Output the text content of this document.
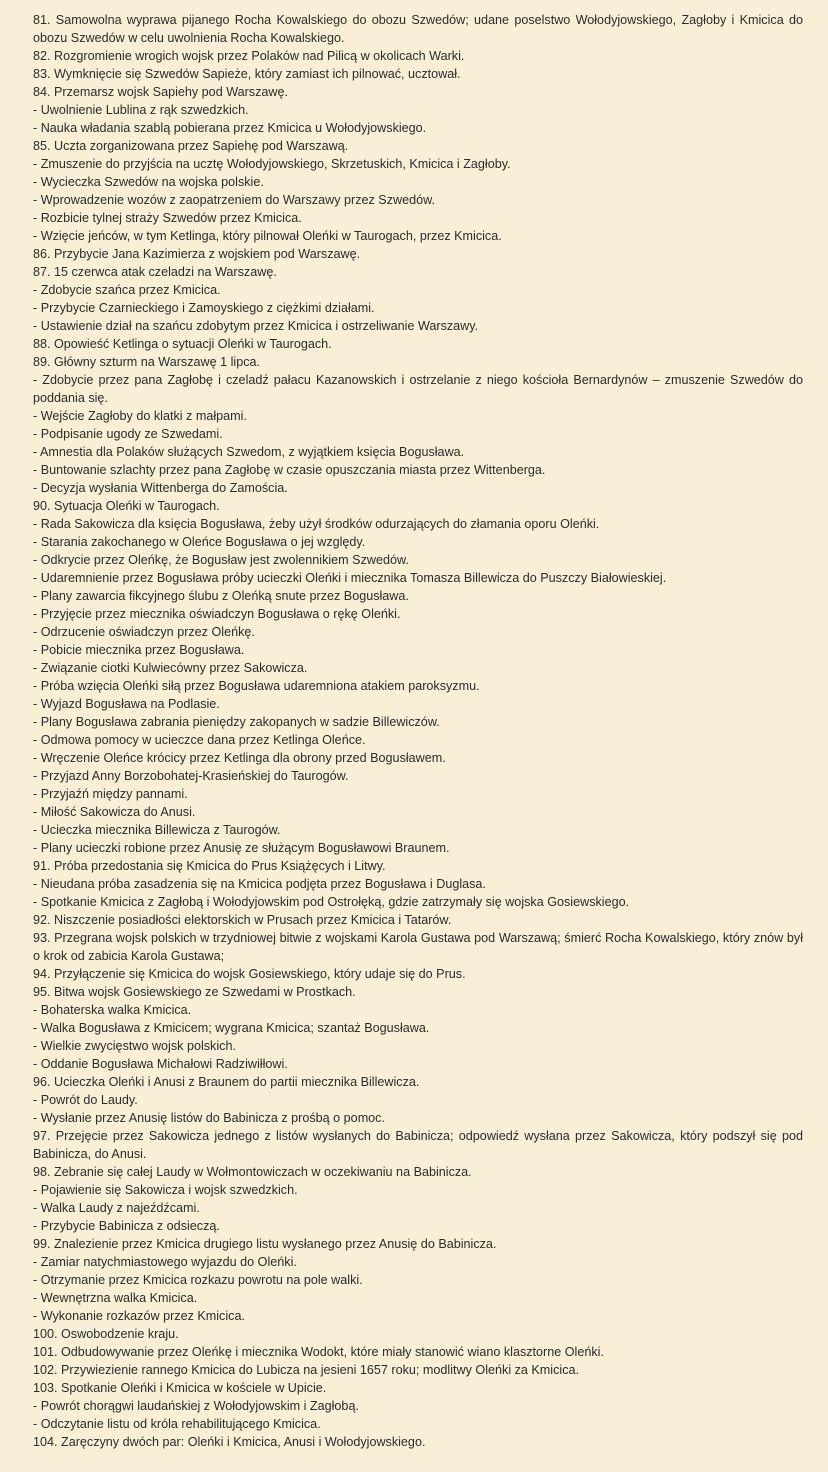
81. Samowolna wyprawa pijanego Rocha Kowalskiego do obozu Szwedów; udane poselstwo Wołodyjowskiego, Zagłoby i Kmicica do obozu Szwedów w celu uwolnienia Rocha Kowalskiego.

82. Rozgromienie wrogich wojsk przez Polaków nad Pilicą w okolicach Warki.

83. Wymknięcie się Szwedów Sapieże, który zamiast ich pilnować, ucztował.

84. Przemarsz wojsk Sapiehy pod Warszawę.

- Uwolnienie Lublina z rąk szwedzkich.

- Nauka władania szablą pobierana przez Kmicica u Wołodyjowskiego.

85. Uczta zorganizowana przez Sapiehę pod Warszawą.

- Zmuszenie do przyjścia na ucztę Wołodyjowskiego, Skrzetuskich, Kmicica i Zagłoby.

- Wycieczka Szwedów na wojska polskie.

- Wprowadzenie wozów z zaopatrzeniem do Warszawy przez Szwedów.

- Rozbicie tylnej straży Szwedów przez Kmicica.

- Wzięcie jeńców, w tym Ketlinga, który pilnował Oleńki w Taurogach, przez Kmicica.

86. Przybycie Jana Kazimierza z wojskiem pod Warszawę.

87. 15 czerwca atak czeladzi na Warszawę.

- Zdobycie szańca przez Kmicica.

- Przybycie Czarnieckiego i Zamoyskiego z ciężkimi działami.

- Ustawienie dział na szańcu zdobytym przez Kmicica i ostrzeliwanie Warszawy.

88. Opowieść Ketlinga o sytuacji Oleńki w Taurogach.

89. Główny szturm na Warszawę 1 lipca.

- Zdobycie przez pana Zagłobę i czeladź pałacu Kazanowskich i ostrzelanie z niego kościoła Bernardynów – zmuszenie Szwedów do poddania się.

- Wejście Zagłoby do klatki z małpami.

- Podpisanie ugody ze Szwedami.

- Amnestia dla Polaków służących Szwedom, z wyjątkiem księcia Bogusława.

- Buntowanie szlachty przez pana Zagłobę w czasie opuszczania miasta przez Wittenberga.

- Decyzja wysłania Wittenberga do Zamościa.

90. Sytuacja Oleńki w Taurogach.

- Rada Sakowicza dla księcia Bogusława, żeby użył środków odurzających do złamania oporu Oleńki.

- Starania zakochanego w Oleńce Bogusława o jej względy.

- Odkrycie przez Oleńkę, że Bogusław jest zwolennikiem Szwedów.

- Udaremnienie przez Bogusława próby ucieczki Oleńki i miecznika Tomasza Billewicza do Puszczy Białowieskiej.

- Plany zawarcia fikcyjnego ślubu z Oleńką snute przez Bogusława.

- Przyjęcie przez miecznika oświadczyn Bogusława o rękę Oleńki.

- Odrzucenie oświadczyn przez Oleńkę.

- Pobicie miecznika przez Bogusława.

- Związanie ciotki Kulwiecówny przez Sakowicza.

- Próba wzięcia Oleńki siłą przez Bogusława udaremniona atakiem paroksyzmu.

- Wyjazd Bogusława na Podlasie.

- Plany Bogusława zabrania pieniędzy zakopanych w sadzie Billewiczów.

- Odmowa pomocy w ucieczce dana przez Ketlinga Oleńce.

- Wręczenie Oleńce krócicy przez Ketlinga dla obrony przed Bogusławem.

- Przyjazd Anny Borzobohatej-Krasieńskiej do Taurogów.

- Przyjaźń między pannami.

- Miłość Sakowicza do Anusi.

- Ucieczka miecznika Billewicza z Taurogów.

- Plany ucieczki robione przez Anusię ze służącym Bogusławowi Braunem.

91. Próba przedostania się Kmicica do Prus Książęcych i Litwy.

- Nieudana próba zasadzenia się na Kmicica podjęta przez Bogusława i Duglasa.

- Spotkanie Kmicica z Zagłobą i Wołodyjowskim pod Ostrołęką, gdzie zatrzymały się wojska Gosiewskiego.

92. Niszczenie posiadłości elektorskich w Prusach przez Kmicica i Tatarów.

93. Przegrana wojsk polskich w trzydniowej bitwie z wojskami Karola Gustawa pod Warszawą; śmierć Rocha Kowalskiego, który znów był o krok od zabicia Karola Gustawa;

94. Przyłączenie się Kmicica do wojsk Gosiewskiego, który udaje się do Prus.

95. Bitwa wojsk Gosiewskiego ze Szwedami w Prostkach.

- Bohaterska walka Kmicica.

- Walka Bogusława z Kmicicem; wygrana Kmicica; szantaż Bogusława.

- Wielkie zwycięstwo wojsk polskich.

- Oddanie Bogusława Michałowi Radziwiłłowi.

96. Ucieczka Oleńki i Anusi z Braunem do partii miecznika Billewicza.

- Powrót do Laudy.

- Wysłanie przez Anusię listów do Babinicza z prośbą o pomoc.

97. Przejęcie przez Sakowicza jednego z listów wysłanych do Babinicza; odpowiedź wysłana przez Sakowicza, który podszył się pod Babinicza, do Anusi.

98. Zebranie się całej Laudy w Wołmontowiczach w oczekiwaniu na Babinicza.

- Pojawienie się Sakowicza i wojsk szwedzkich.

- Walka Laudy z najeźdźcami.

- Przybycie Babinicza z odsieczą.

99. Znalezienie przez Kmicica drugiego listu wysłanego przez Anusię do Babinicza.

- Zamiar natychmiastowego wyjazdu do Oleńki.

- Otrzymanie przez Kmicica rozkazu powrotu na pole walki.

- Wewnętrzna walka Kmicica.

- Wykonanie rozkazów przez Kmicica.

100. Oswobodzenie kraju.

101. Odbudowywanie przez Oleńkę i miecznika Wodokt, które miały stanowić wiano klasztorne Oleńki.

102. Przywiezienie rannego Kmicica do Lubicza na jesieni 1657 roku; modlitwy Oleńki za Kmicica.

103. Spotkanie Oleńki i Kmicica w kościele w Upicie.

- Powrót chorągwi laudańskiej z Wołodyjowskim i Zagłobą.

- Odczytanie listu od króla rehabilitującego Kmicica.

104. Zaręczyny dwóch par: Oleńki i Kmicica, Anusi i Wołodyjowskiego.
